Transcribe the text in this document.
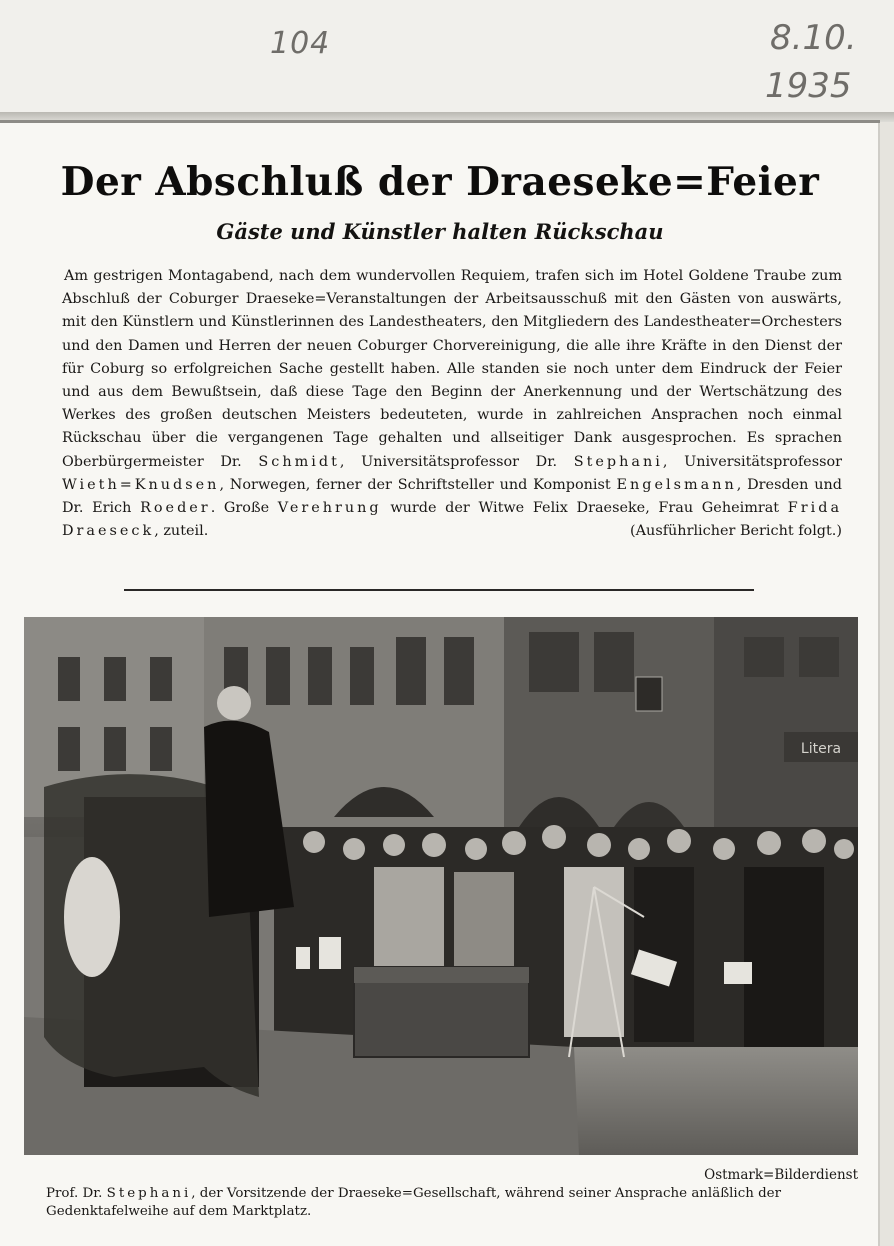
104	8.10.
1935
Der Abschluß der Draeseke=Feier
Gäste und Künstler halten Rückschau

Am gestrigen Montagabend, nach dem wundervollen Requiem, trafen sich im Hotel Goldene Traube zum Abschluß der Coburger Draeseke=Veranstaltungen der Arbeitsausschuß mit den Gästen von auswärts, mit den Künstlern und Künstlerinnen des Landestheaters, den Mitgliedern des Landestheater=Orchesters und den Damen und Herren der neuen Coburger Chorvereinigung, die alle ihre Kräfte in den Dienst der für Coburg so erfolgreichen Sache gestellt haben. Alle standen sie noch unter dem Eindruck der Feier und aus dem Bewußtsein, daß diese Tage den Beginn der Anerkennung und der Wertschätzung des Werkes des großen deutschen Meisters bedeuteten, wurde in zahlreichen Ansprachen noch einmal Rückschau über die vergangenen Tage gehalten und allseitiger Dank ausgesprochen. Es sprachen Oberbürgermeister Dr. Schmidt, Universitätsprofessor Dr. Stephani, Universitätsprofessor Wieth=Knudsen, Norwegen, ferner der Schriftsteller und Komponist Engelsmann, Dresden und Dr. Erich Roeder. Große Verehrung wurde der Witwe Felix Draeseke, Frau Geheimrat Frida Draeseck, zuteil.	(Ausführlicher Bericht folgt.)

Litera
Ostmark=Bilderdienst
Prof. Dr. Stephani, der Vorsitzende der Draeseke=Gesellschaft, während seiner Ansprache anläßlich der Gedenktafelweihe auf dem Marktplatz.
